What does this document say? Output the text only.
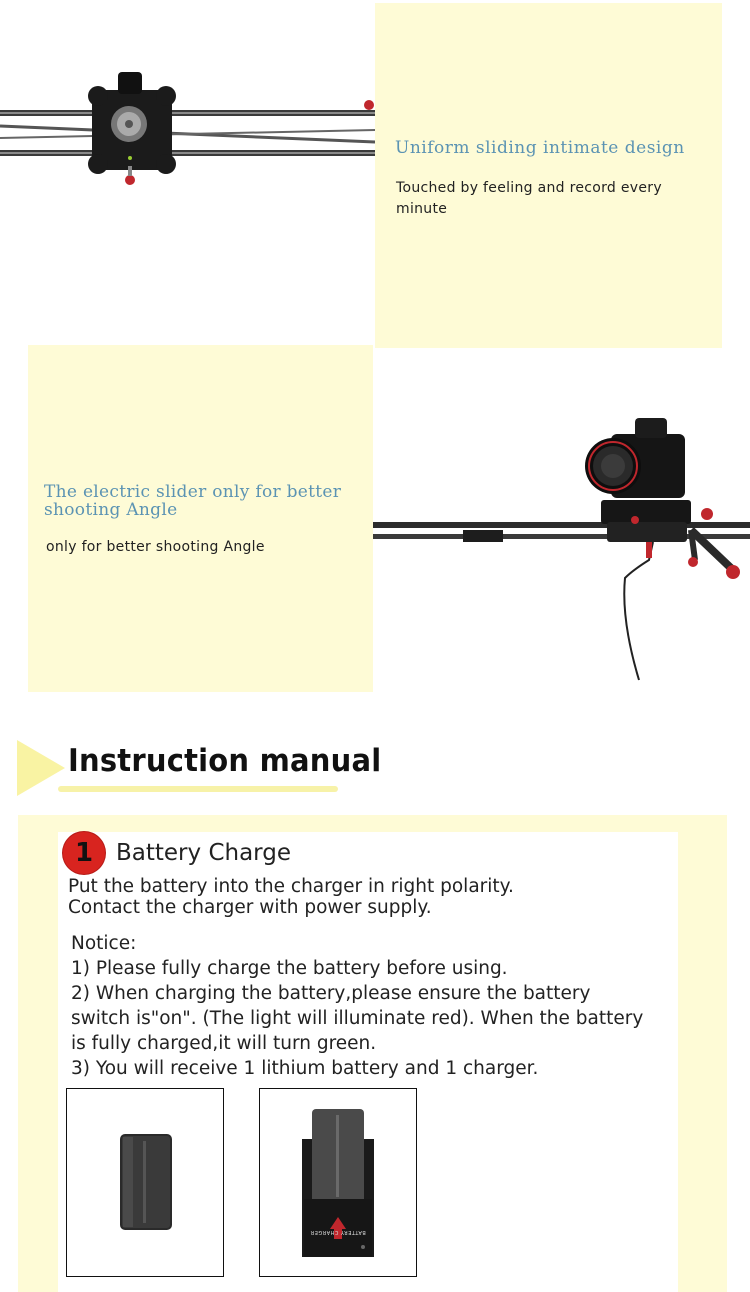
Uniform sliding intimate design
Touched by feeling and record every minute
The electric slider only for better shooting Angle
only for better shooting Angle
Instruction manual
1 Battery Charge
Put the battery into the charger in right polarity.
Contact the charger with power supply.
Notice:
1) Please fully charge the battery before using.
2) When charging the battery,please ensure the battery
switch is"on". (The light will illuminate red). When the battery
is fully charged,it will turn green.
3) You will receive 1 lithium battery and 1 charger.
BATTERY CHARGER
